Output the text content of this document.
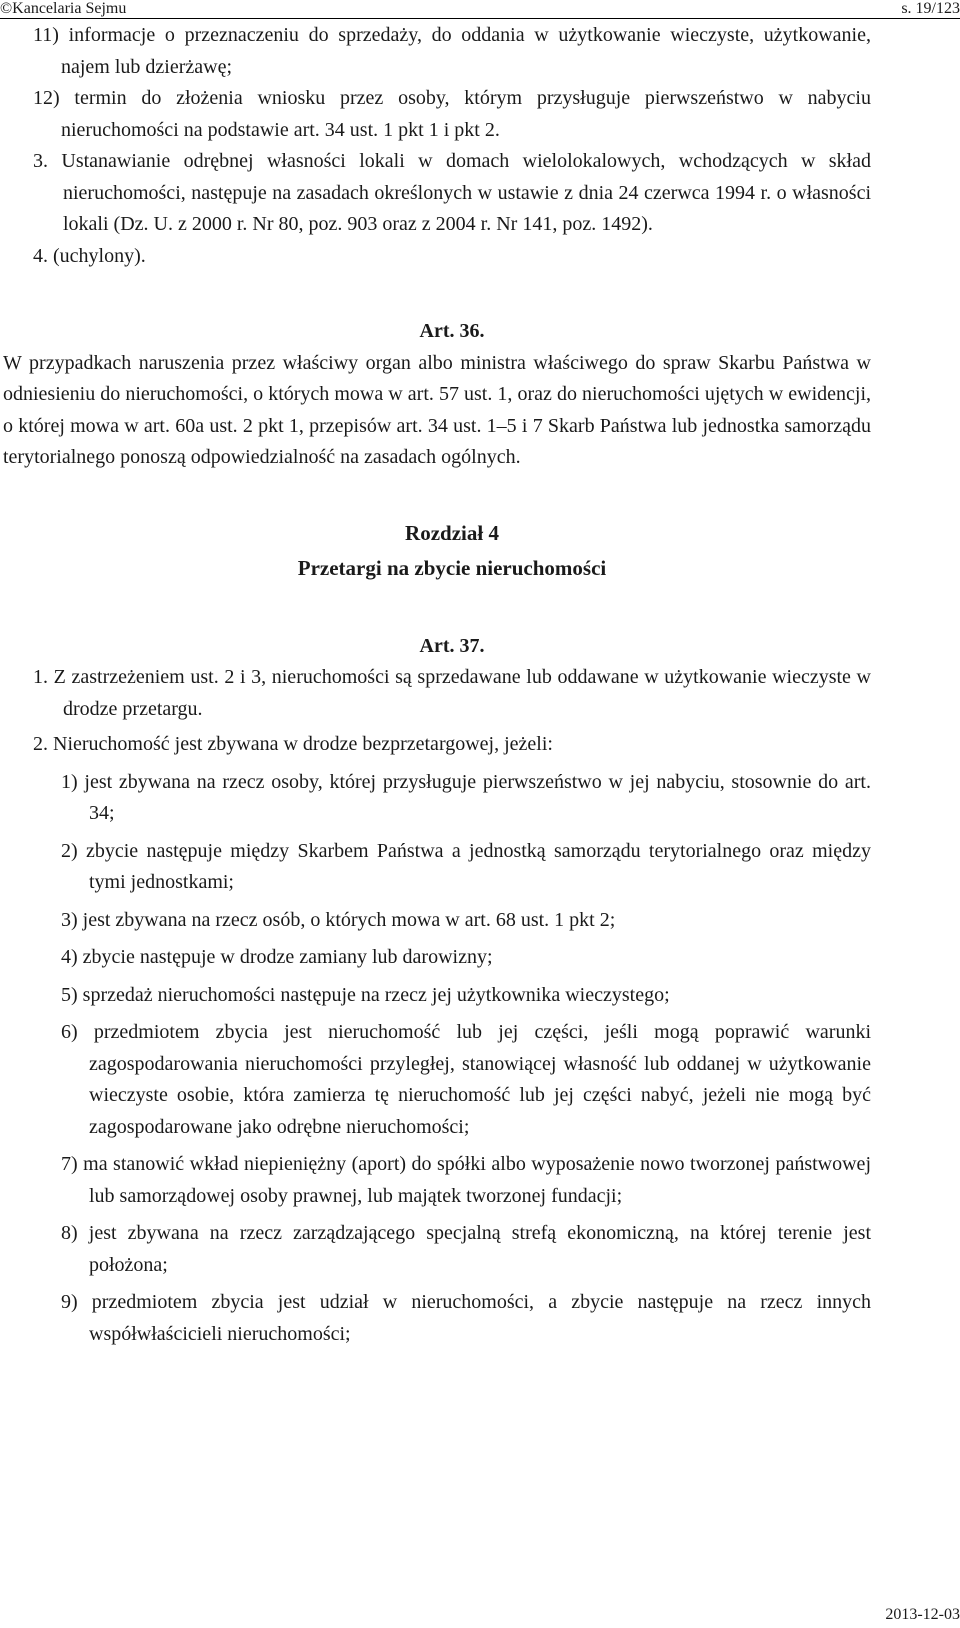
©Kancelaria Sejmu	s. 19/123

11) informacje o przeznaczeniu do sprzedaży, do oddania w użytkowanie wieczyste, użytkowanie, najem lub dzierżawę;

12) termin do złożenia wniosku przez osoby, którym przysługuje pierwszeństwo w nabyciu nieruchomości na podstawie art. 34 ust. 1 pkt 1 i pkt 2.

3. Ustanawianie odrębnej własności lokali w domach wielolokalowych, wchodzących w skład nieruchomości, następuje na zasadach określonych w ustawie z dnia 24 czerwca 1994 r. o własności lokali (Dz. U. z 2000 r. Nr 80, poz. 903 oraz z 2004 r. Nr 141, poz. 1492).

4. (uchylony).

Art. 36.

W przypadkach naruszenia przez właściwy organ albo ministra właściwego do spraw Skarbu Państwa w odniesieniu do nieruchomości, o których mowa w art. 57 ust. 1, oraz do nieruchomości ujętych w ewidencji, o której mowa w art. 60a ust. 2 pkt 1, przepisów art. 34 ust. 1–5 i 7 Skarb Państwa lub jednostka samorządu terytorialnego ponoszą odpowiedzialność na zasadach ogólnych.

Rozdział 4

Przetargi na zbycie nieruchomości

Art. 37.

1. Z zastrzeżeniem ust. 2 i 3, nieruchomości są sprzedawane lub oddawane w użytkowanie wieczyste w drodze przetargu.

2. Nieruchomość jest zbywana w drodze bezprzetargowej, jeżeli:

1) jest zbywana na rzecz osoby, której przysługuje pierwszeństwo w jej nabyciu, stosownie do art. 34;

2) zbycie następuje między Skarbem Państwa a jednostką samorządu terytorialnego oraz między tymi jednostkami;

3) jest zbywana na rzecz osób, o których mowa w art. 68 ust. 1 pkt 2;

4) zbycie następuje w drodze zamiany lub darowizny;

5) sprzedaż nieruchomości następuje na rzecz jej użytkownika wieczystego;

6) przedmiotem zbycia jest nieruchomość lub jej części, jeśli mogą poprawić warunki zagospodarowania nieruchomości przyległej, stanowiącej własność lub oddanej w użytkowanie wieczyste osobie, która zamierza tę nieruchomość lub jej części nabyć, jeżeli nie mogą być zagospodarowane jako odrębne nieruchomości;

7) ma stanowić wkład niepieniężny (aport) do spółki albo wyposażenie nowo tworzonej państwowej lub samorządowej osoby prawnej, lub majątek tworzonej fundacji;

8) jest zbywana na rzecz zarządzającego specjalną strefą ekonomiczną, na której terenie jest położona;

9) przedmiotem zbycia jest udział w nieruchomości, a zbycie następuje na rzecz innych współwłaścicieli nieruchomości;

2013-12-03
